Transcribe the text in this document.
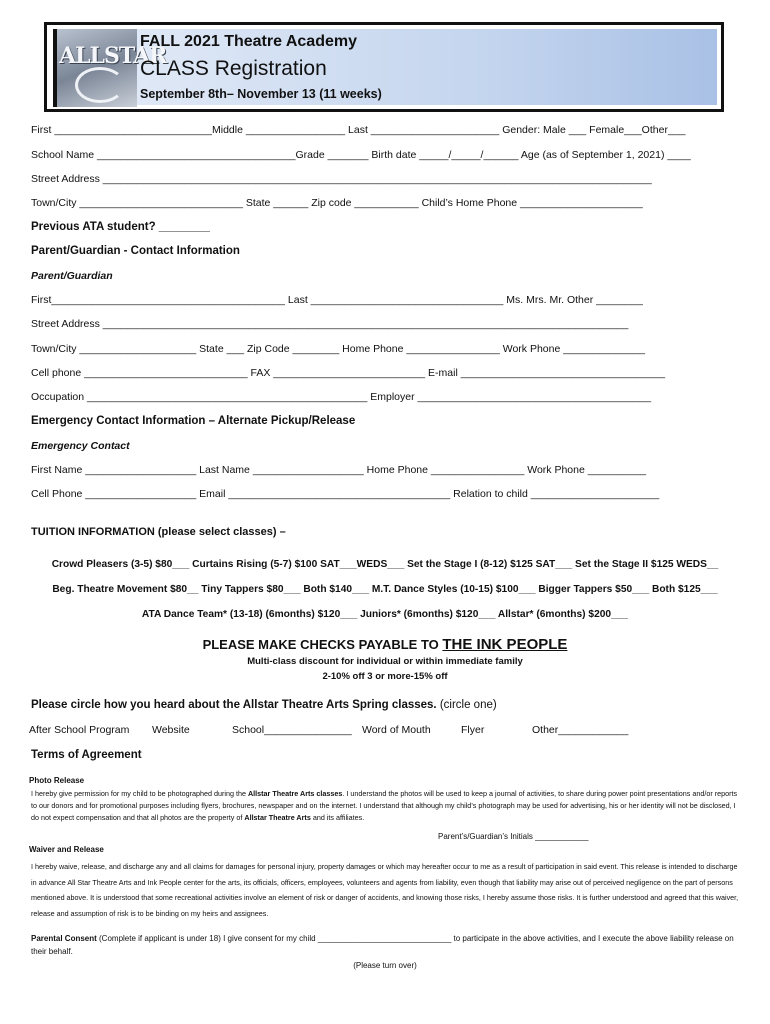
ALLSTAR
FALL 2021 Theatre Academy
CLASS Registration
September 8th– November 13 (11 weeks)
First ___________________________Middle _________________ Last ______________________ Gender: Male ___ Female___Other___
School Name __________________________________Grade _______ Birth date _____/_____/______ Age (as of September 1, 2021) ____
Street Address ______________________________________________________________________________________________
Town/City ____________________________ State ______ Zip code ___________ Child’s Home Phone _____________________
Previous ATA student? ________
Parent/Guardian - Contact Information
Parent/Guardian
First________________________________________ Last _________________________________ Ms. Mrs. Mr. Other ________
Street Address __________________________________________________________________________________________
Town/City ____________________ State ___ Zip Code ________ Home Phone ________________ Work Phone ______________
Cell phone ____________________________ FAX __________________________ E-mail ___________________________________
Occupation ________________________________________________ Employer ________________________________________
Emergency Contact Information – Alternate Pickup/Release
Emergency Contact
First Name ___________________ Last Name ___________________ Home Phone ________________ Work Phone __________
Cell Phone ___________________ Email ______________________________________ Relation to child ______________________
TUITION INFORMATION (please select classes) –
Crowd Pleasers (3-5) $80___ Curtains Rising (5-7) $100 SAT___WEDS___ Set the Stage I (8-12) $125 SAT___ Set the Stage II $125 WEDS__
Beg. Theatre Movement $80__ Tiny Tappers $80___ Both $140___ M.T. Dance Styles (10-15) $100___ Bigger Tappers $50___ Both $125___
ATA Dance Team* (13-18) (6months) $120___ Juniors* (6months) $120___ Allstar* (6months) $200___
PLEASE MAKE CHECKS PAYABLE TO THE INK PEOPLE
Multi-class discount for individual or within immediate family
2-10% off 3 or more-15% off
Please circle how you heard about the Allstar Theatre Arts Spring classes. (circle one)
After School Program Website	School_______________ Word of Mouth	Flyer	Other____________
Terms of Agreement
Photo Release
I hereby give permission for my child to be photographed during the Allstar Theatre Arts classes. I understand the photos will be used to keep a journal of activities, to share during power point presentations and/or reports to our donors and for promotional purposes including flyers, brochures, newspaper and on the internet. I understand that although my child’s photograph may be used for advertising, his or her identity will not be disclosed, I do not expect compensation and that all photos are the property of Allstar Theatre Arts and its affiliates.
Parent’s/Guardian’s Initials ____________
Waiver and Release
I hereby waive, release, and discharge any and all claims for damages for personal injury, property damages or which may hereafter occur to me as a result of participation in said event. This release is intended to discharge in advance All Star Theatre Arts and Ink People center for the arts, its officials, officers, employees, volunteers and agents from liability, even though that liability may arise out of perceived negligence on the part of persons mentioned above. It is understood that some recreational activities involve an element of risk or danger of accidents, and knowing those risks, I hereby assume those risks. It is further understood and agreed that this waiver, release and assumption of risk is to be binding on my heirs and assignees.
Parental Consent (Complete if applicant is under 18) I give consent for my child ______________________________ to participate in the above activities, and I execute the above liability release on their behalf.
(Please turn over)
